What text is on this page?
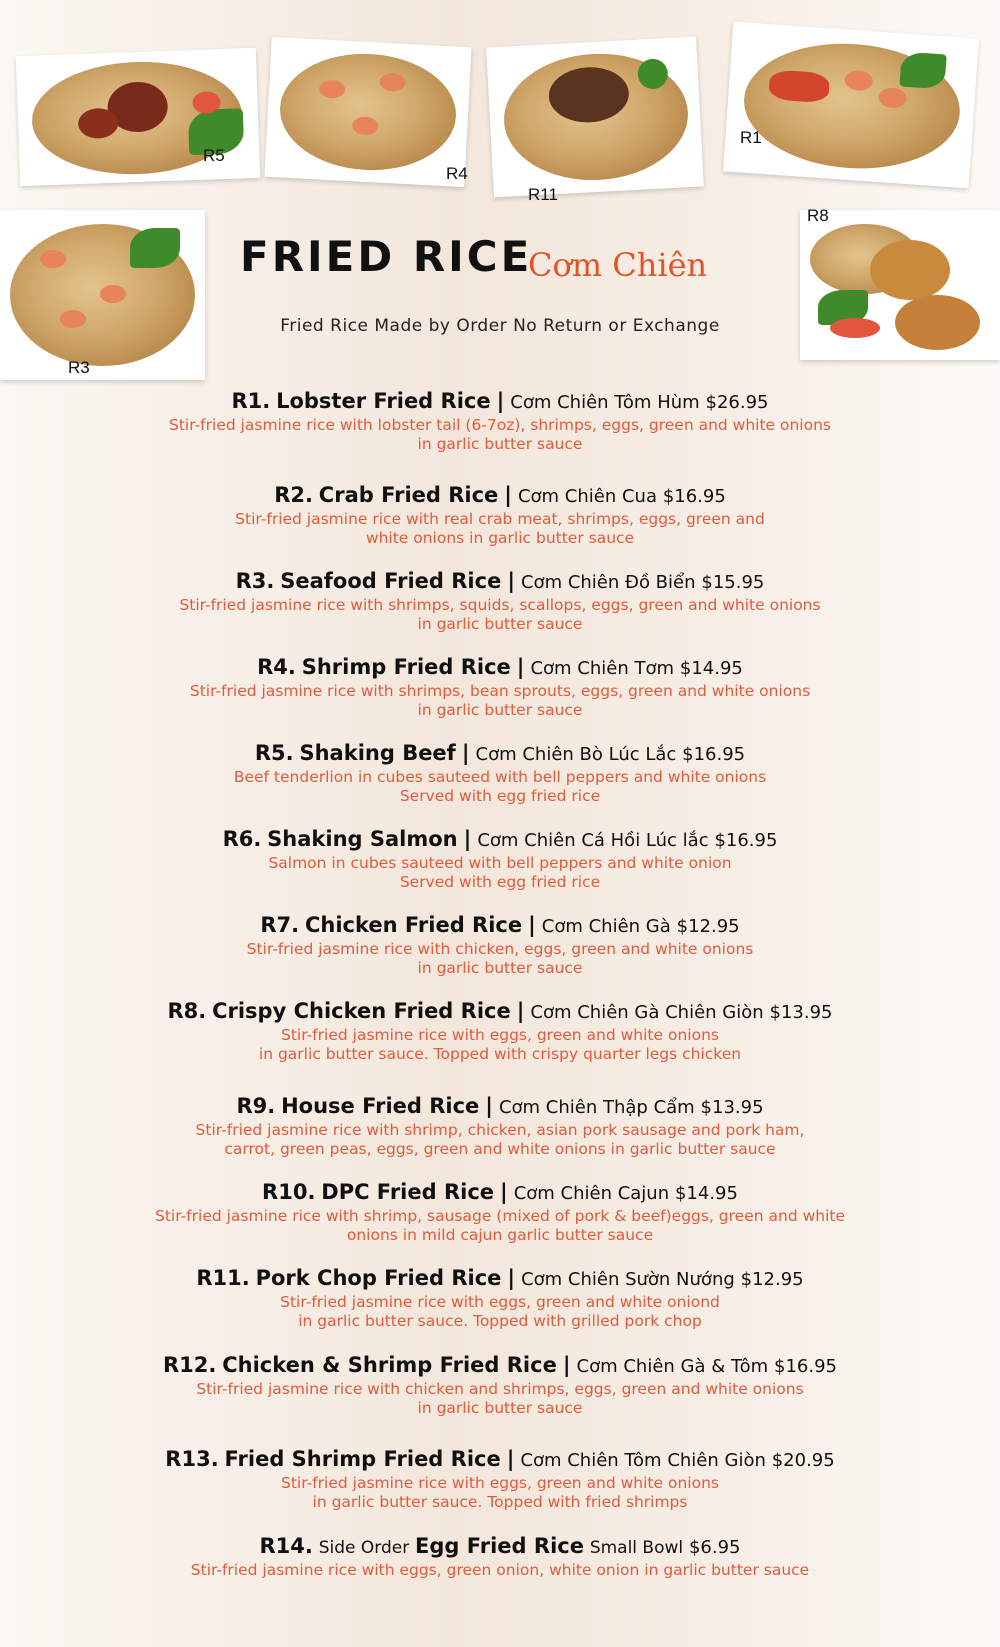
R5
R4
R11
R1
R3
R8
FRIED RICE
Cơm Chiên
Fried Rice Made by Order No Return or Exchange
R1. Lobster Fried Rice | Cơm Chiên Tôm Hùm $26.95
Stir-fried jasmine rice with lobster tail (6-7oz), shrimps, eggs, green and white onions
in garlic butter sauce
R2. Crab Fried Rice | Cơm Chiên Cua $16.95
Stir-fried jasmine rice with real crab meat, shrimps, eggs, green and
white onions in garlic butter sauce
R3. Seafood Fried Rice | Cơm Chiên Đồ Biển $15.95
Stir-fried jasmine rice with shrimps, squids, scallops, eggs, green and white onions
in garlic butter sauce
R4. Shrimp Fried Rice | Cơm Chiên Tơm $14.95
Stir-fried jasmine rice with shrimps, bean sprouts, eggs, green and white onions
in garlic butter sauce
R5. Shaking Beef | Cơm Chiên Bò Lúc Lắc $16.95
Beef tenderlion in cubes sauteed with bell peppers and white onions
Served with egg fried rice
R6. Shaking Salmon | Cơm Chiên Cá Hồi Lúc lắc $16.95
Salmon in cubes sauteed with bell peppers and white onion
Served with egg fried rice
R7. Chicken Fried Rice | Cơm Chiên Gà $12.95
Stir-fried jasmine rice with chicken, eggs, green and white onions
in garlic butter sauce
R8. Crispy Chicken Fried Rice | Cơm Chiên Gà Chiên Giòn $13.95
Stir-fried jasmine rice with eggs, green and white onions
in garlic butter sauce. Topped with crispy quarter legs chicken
R9. House Fried Rice | Cơm Chiên Thập Cẩm $13.95
Stir-fried jasmine rice with shrimp, chicken, asian pork sausage and pork ham,
carrot, green peas, eggs, green and white onions in garlic butter sauce
R10. DPC Fried Rice | Cơm Chiên Cajun $14.95
Stir-fried jasmine rice with shrimp, sausage (mixed of pork & beef)eggs, green and white
onions in mild cajun garlic butter sauce
R11. Pork Chop Fried Rice | Cơm Chiên Sườn Nướng $12.95
Stir-fried jasmine rice with eggs, green and white oniond
in garlic butter sauce. Topped with grilled pork chop
R12. Chicken & Shrimp Fried Rice | Cơm Chiên Gà & Tôm $16.95
Stir-fried jasmine rice with chicken and shrimps, eggs, green and white onions
in garlic butter sauce
R13. Fried Shrimp Fried Rice | Cơm Chiên Tôm Chiên Giòn $20.95
Stir-fried jasmine rice with eggs, green and white onions
in garlic butter sauce. Topped with fried shrimps
R14. Side Order Egg Fried Rice Small Bowl $6.95
Stir-fried jasmine rice with eggs, green onion, white onion in garlic butter sauce
